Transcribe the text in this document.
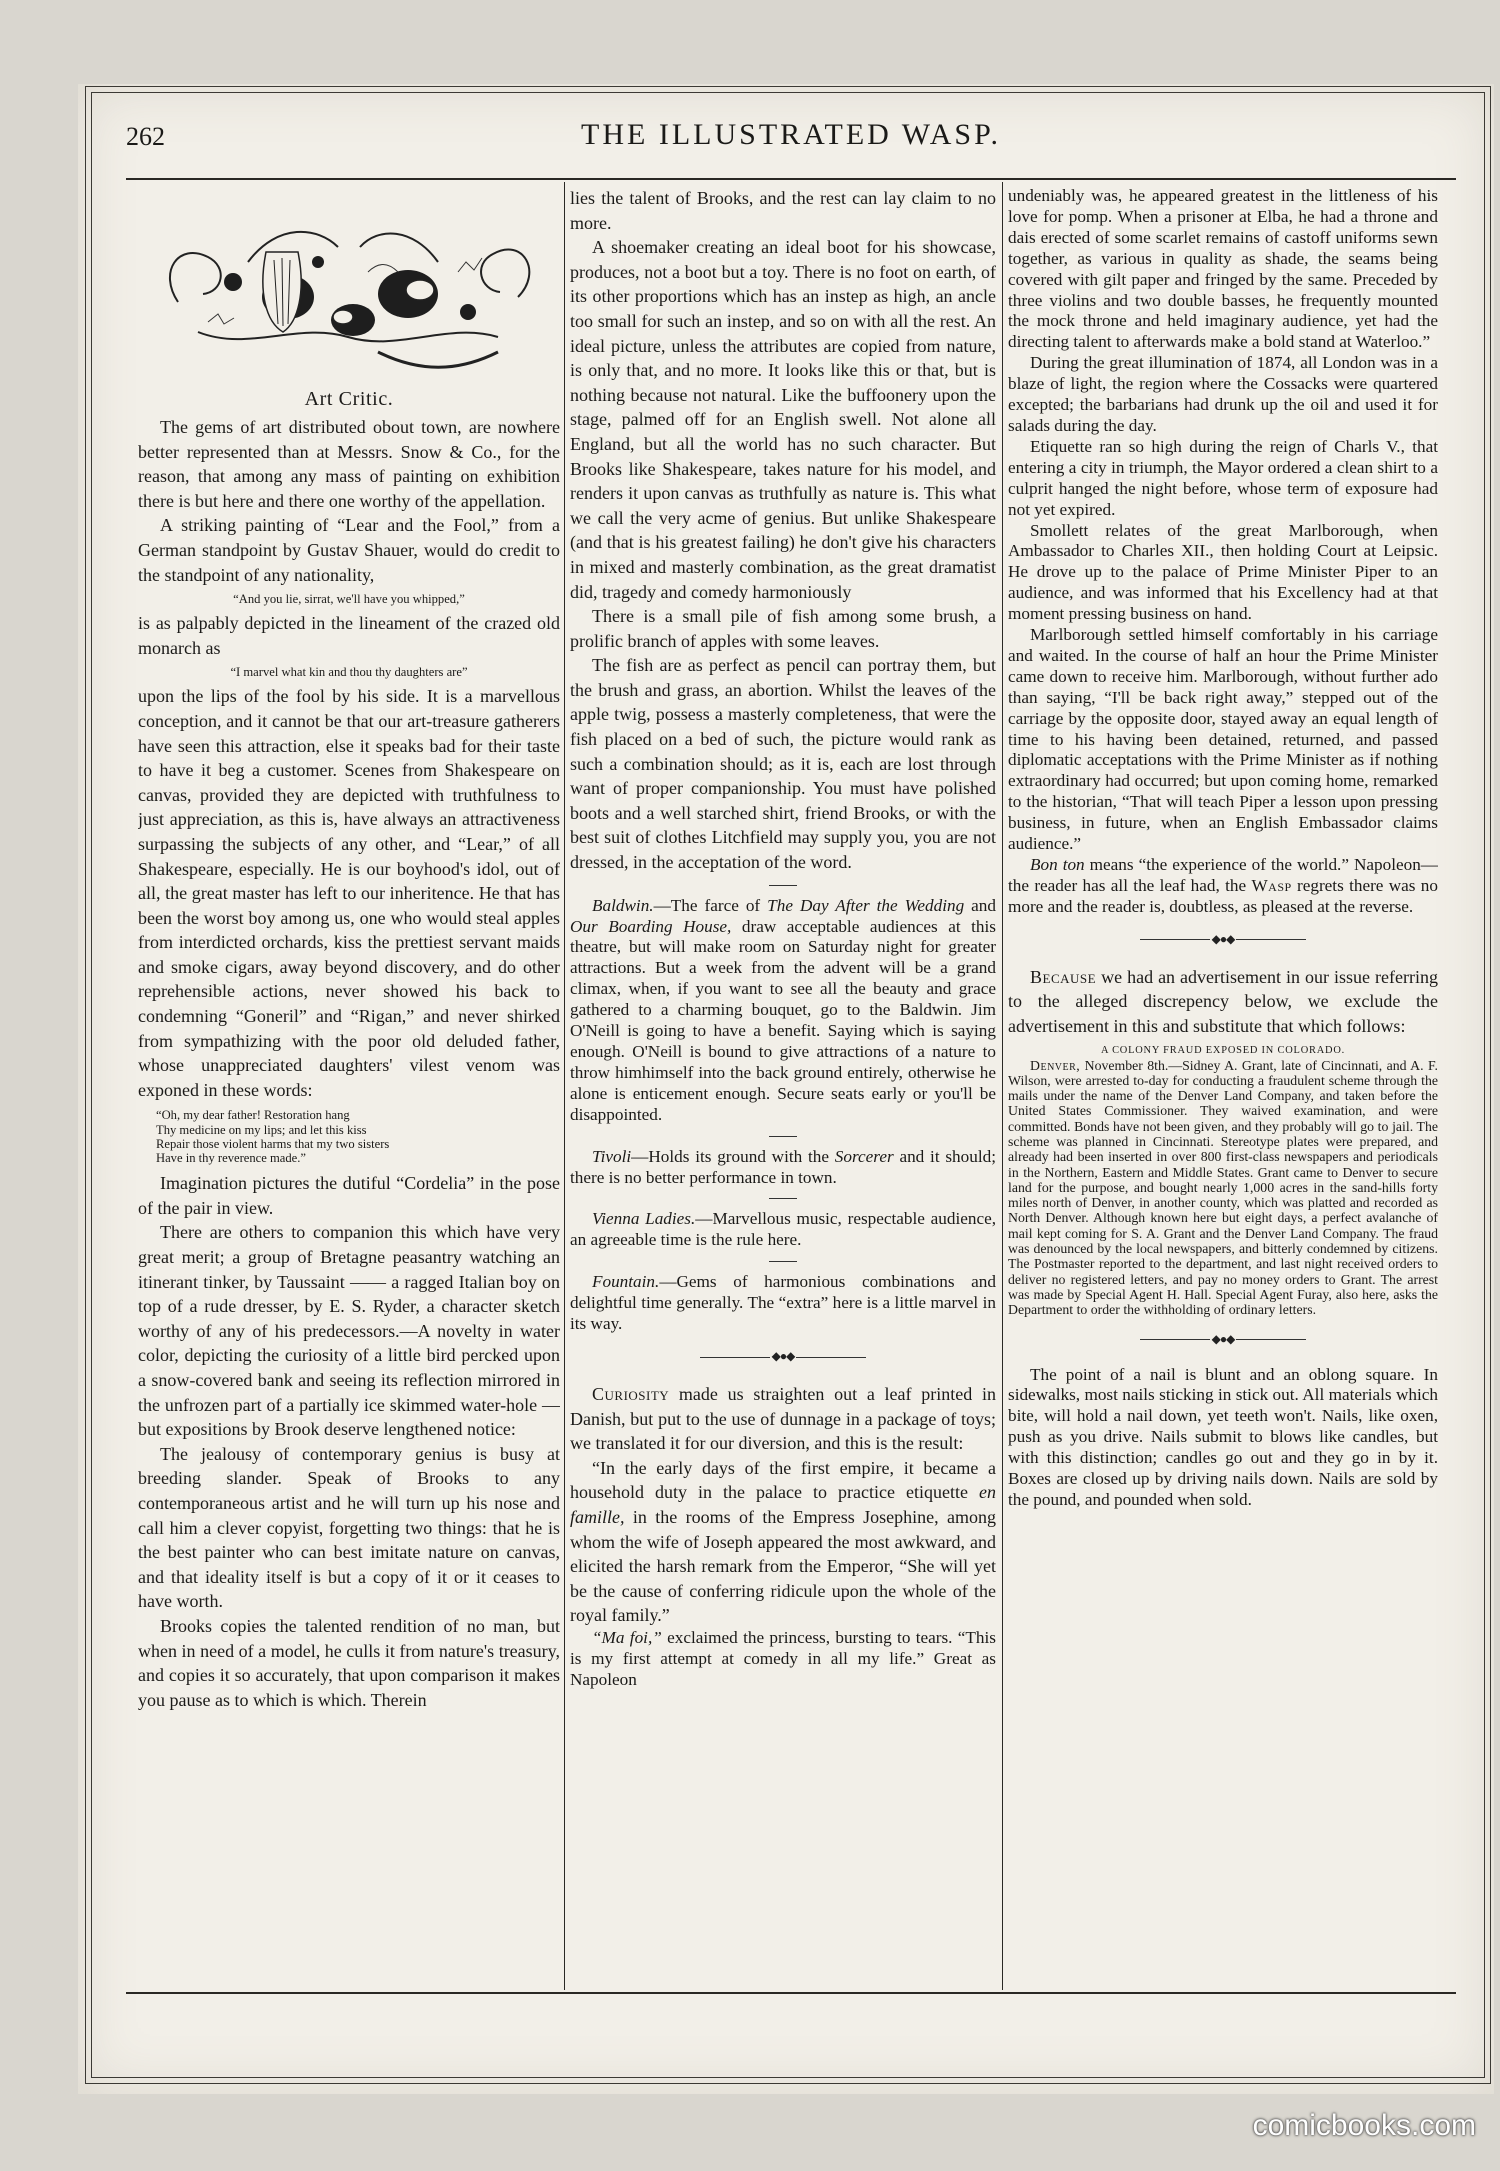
262	THE ILLUSTRATED WASP.
Art Critic.

The gems of art distributed obout town, are nowhere better represented than at Messrs. Snow & Co., for the reason, that among any mass of painting on exhibition there is but here and there one worthy of the appellation.

A striking painting of “Lear and the Fool,” from a German standpoint by Gustav Shauer, would do credit to the standpoint of any nationality,

“And you lie, sirrat, we'll have you whipped,”

is as palpably depicted in the lineament of the crazed old monarch as

“I marvel what kin and thou thy daughters are”

upon the lips of the fool by his side. It is a marvellous conception, and it cannot be that our art-treasure gatherers have seen this attraction, else it speaks bad for their taste to have it beg a customer. Scenes from Shakespeare on canvas, provided they are depicted with truthfulness to just appreciation, as this is, have always an attractiveness surpassing the subjects of any other, and “Lear,” of all Shakespeare, especially. He is our boyhood's idol, out of all, the great master has left to our inheritence. He that has been the worst boy among us, one who would steal apples from interdicted orchards, kiss the prettiest servant maids and smoke cigars, away beyond discovery, and do other reprehensible actions, never showed his back to condemning “Goneril” and “Rigan,” and never shirked from sympathizing with the poor old deluded father, whose unappreciated daughters' vilest venom was exponed in these words:

“Oh, my dear father! Restoration hang
Thy medicine on my lips; and let this kiss
Repair those violent harms that my two sisters
Have in thy reverence made.”

Imagination pictures the dutiful “Cordelia” in the pose of the pair in view.

There are others to companion this which have very great merit; a group of Bretagne peasantry watching an itinerant tinker, by Taussaint —— a ragged Italian boy on top of a rude dresser, by E. S. Ryder, a character sketch worthy of any of his predecessors.—A novelty in water color, depicting the curiosity of a little bird percked upon a snow-covered bank and seeing its reflection mirrored in the unfrozen part of a partially ice skimmed water-hole — but expositions by Brook deserve lengthened notice:

The jealousy of contemporary genius is busy at breeding slander. Speak of Brooks to any contemporaneous artist and he will turn up his nose and call him a clever copyist, forgetting two things: that he is the best painter who can best imitate nature on canvas, and that ideality itself is but a copy of it or it ceases to have worth.

Brooks copies the talented rendition of no man, but when in need of a model, he culls it from nature's treasury, and copies it so accurately, that upon comparison it makes you pause as to which is which. Therein

lies the talent of Brooks, and the rest can lay claim to no more.

A shoemaker creating an ideal boot for his showcase, produces, not a boot but a toy. There is no foot on earth, of its other proportions which has an instep as high, an ancle too small for such an instep, and so on with all the rest. An ideal picture, unless the attributes are copied from nature, is only that, and no more. It looks like this or that, but is nothing because not natural. Like the buffoonery upon the stage, palmed off for an English swell. Not alone all England, but all the world has no such character. But Brooks like Shakespeare, takes nature for his model, and renders it upon canvas as truthfully as nature is. This what we call the very acme of genius. But unlike Shakespeare (and that is his greatest failing) he don't give his characters in mixed and masterly combination, as the great dramatist did, tragedy and comedy harmoniously

There is a small pile of fish among some brush, a prolific branch of apples with some leaves.

The fish are as perfect as pencil can portray them, but the brush and grass, an abortion. Whilst the leaves of the apple twig, possess a masterly completeness, that were the fish placed on a bed of such, the picture would rank as such a combination should; as it is, each are lost through want of proper companionship. You must have polished boots and a well starched shirt, friend Brooks, or with the best suit of clothes Litchfield may supply you, you are not dressed, in the acceptation of the word.

Baldwin.—The farce of The Day After the Wedding and Our Boarding House, draw acceptable audiences at this theatre, but will make room on Saturday night for greater attractions. But a week from the advent will be a grand climax, when, if you want to see all the beauty and grace gathered to a charming bouquet, go to the Baldwin. Jim O'Neill is going to have a benefit. Saying which is saying enough. O'Neill is bound to give attractions of a nature to throw himhimself into the back ground entirely, otherwise he alone is enticement enough. Secure seats early or you'll be disappointed.

Tivoli—Holds its ground with the Sorcerer and it should; there is no better performance in town.

Vienna Ladies.—Marvellous music, respectable audience, an agreeable time is the rule here.

Fountain.—Gems of harmonious combinations and delightful time generally. The “extra” here is a little marvel in its way.

◆●◆

Curiosity made us straighten out a leaf printed in Danish, but put to the use of dunnage in a package of toys; we translated it for our diversion, and this is the result:

“In the early days of the first empire, it became a household duty in the palace to practice etiquette en famille, in the rooms of the Empress Josephine, among whom the wife of Joseph appeared the most awkward, and elicited the harsh remark from the Emperor, “She will yet be the cause of conferring ridicule upon the whole of the royal family.”

“Ma foi,” exclaimed the princess, bursting to tears. “This is my first attempt at comedy in all my life.” Great as Napoleon

undeniably was, he appeared greatest in the littleness of his love for pomp. When a prisoner at Elba, he had a throne and dais erected of some scarlet remains of castoff uniforms sewn together, as various in quality as shade, the seams being covered with gilt paper and fringed by the same. Preceded by three violins and two double basses, he frequently mounted the mock throne and held imaginary audience, yet had the directing talent to afterwards make a bold stand at Waterloo.”

During the great illumination of 1874, all London was in a blaze of light, the region where the Cossacks were quartered excepted; the barbarians had drunk up the oil and used it for salads during the day.

Etiquette ran so high during the reign of Charls V., that entering a city in triumph, the Mayor ordered a clean shirt to a culprit hanged the night before, whose term of exposure had not yet expired.

Smollett relates of the great Marlborough, when Ambassador to Charles XII., then holding Court at Leipsic. He drove up to the palace of Prime Minister Piper to an audience, and was informed that his Excellency had at that moment pressing business on hand.

Marlborough settled himself comfortably in his carriage and waited. In the course of half an hour the Prime Minister came down to receive him. Marlborough, without further ado than saying, “I'll be back right away,” stepped out of the carriage by the opposite door, stayed away an equal length of time to his having been detained, returned, and passed diplomatic acceptations with the Prime Minister as if nothing extraordinary had occurred; but upon coming home, remarked to the historian, “That will teach Piper a lesson upon pressing business, in future, when an English Embassador claims audience.”

Bon ton means “the experience of the world.” Napoleon—the reader has all the leaf had, the Wasp regrets there was no more and the reader is, doubtless, as pleased at the reverse.

◆●◆

Because we had an advertisement in our issue referring to the alleged discrepency below, we exclude the advertisement in this and substitute that which follows:

A COLONY FRAUD EXPOSED IN COLORADO.

Denver, November 8th.—Sidney A. Grant, late of Cincinnati, and A. F. Wilson, were arrested to-day for conducting a fraudulent scheme through the mails under the name of the Denver Land Company, and taken before the United States Commissioner. They waived examination, and were committed. Bonds have not been given, and they probably will go to jail. The scheme was planned in Cincinnati. Stereotype plates were prepared, and already had been inserted in over 800 first-class newspapers and periodicals in the Northern, Eastern and Middle States. Grant came to Denver to secure land for the purpose, and bought nearly 1,000 acres in the sand-hills forty miles north of Denver, in another county, which was platted and recorded as North Denver. Although known here but eight days, a perfect avalanche of mail kept coming for S. A. Grant and the Denver Land Company. The fraud was denounced by the local newspapers, and bitterly condemned by citizens. The Postmaster reported to the department, and last night received orders to deliver no registered letters, and pay no money orders to Grant. The arrest was made by Special Agent H. Hall. Special Agent Furay, also here, asks the Department to order the withholding of ordinary letters.

◆●◆

The point of a nail is blunt and an oblong square. In sidewalks, most nails sticking in stick out. All materials which bite, will hold a nail down, yet teeth won't. Nails, like oxen, push as you drive. Nails submit to blows like candles, but with this distinction; candles go out and they go in by it. Boxes are closed up by driving nails down. Nails are sold by the pound, and pounded when sold.

comicbooks.com
